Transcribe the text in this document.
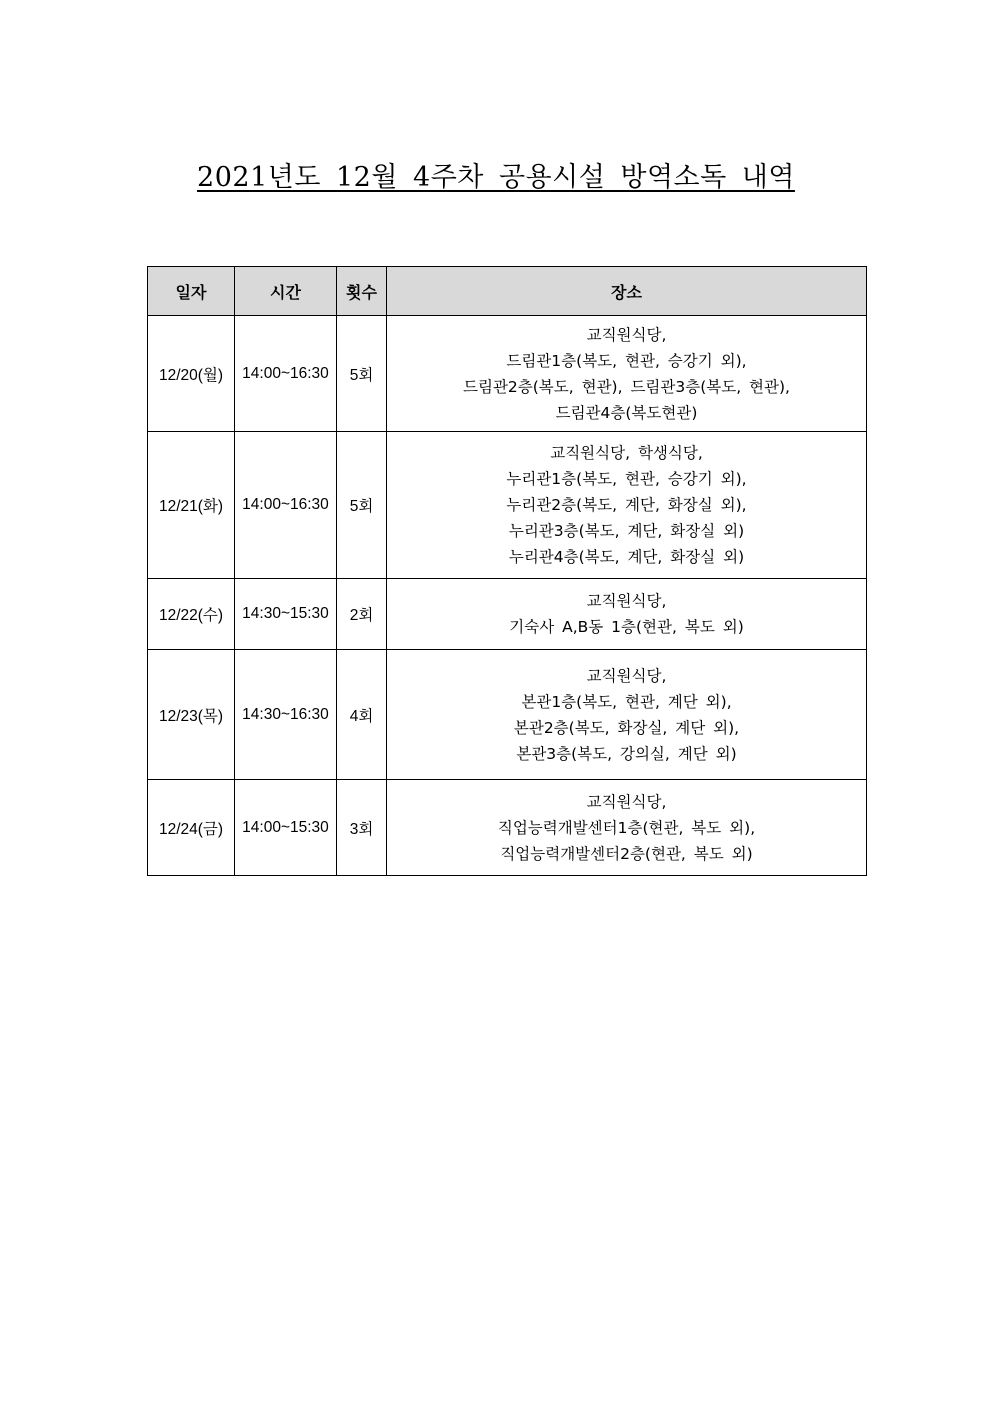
2021년도 12월 4주차 공용시설 방역소독 내역
일자	시간	횟수	장소
12/20(월)	14:00~16:30	5회	교직원식당,
드림관1층(복도, 현관, 승강기 외),
드림관2층(복도, 현관), 드림관3층(복도, 현관),
드림관4층(복도현관)

12/21(화)	14:00~16:30	5회	교직원식당, 학생식당,
누리관1층(복도, 현관, 승강기 외),
누리관2층(복도, 계단, 화장실 외),
누리관3층(복도, 계단, 화장실 외)
누리관4층(복도, 계단, 화장실 외)

12/22(수)	14:30~15:30	2회	교직원식당,
기숙사 A,B동 1층(현관, 복도 외)

12/23(목)	14:30~16:30	4회	교직원식당,
본관1층(복도, 현관, 계단 외),
본관2층(복도, 화장실, 계단 외),
본관3층(복도, 강의실, 계단 외)

12/24(금)	14:00~15:30	3회	교직원식당,
직업능력개발센터1층(현관, 복도 외),
직업능력개발센터2층(현관, 복도 외)
